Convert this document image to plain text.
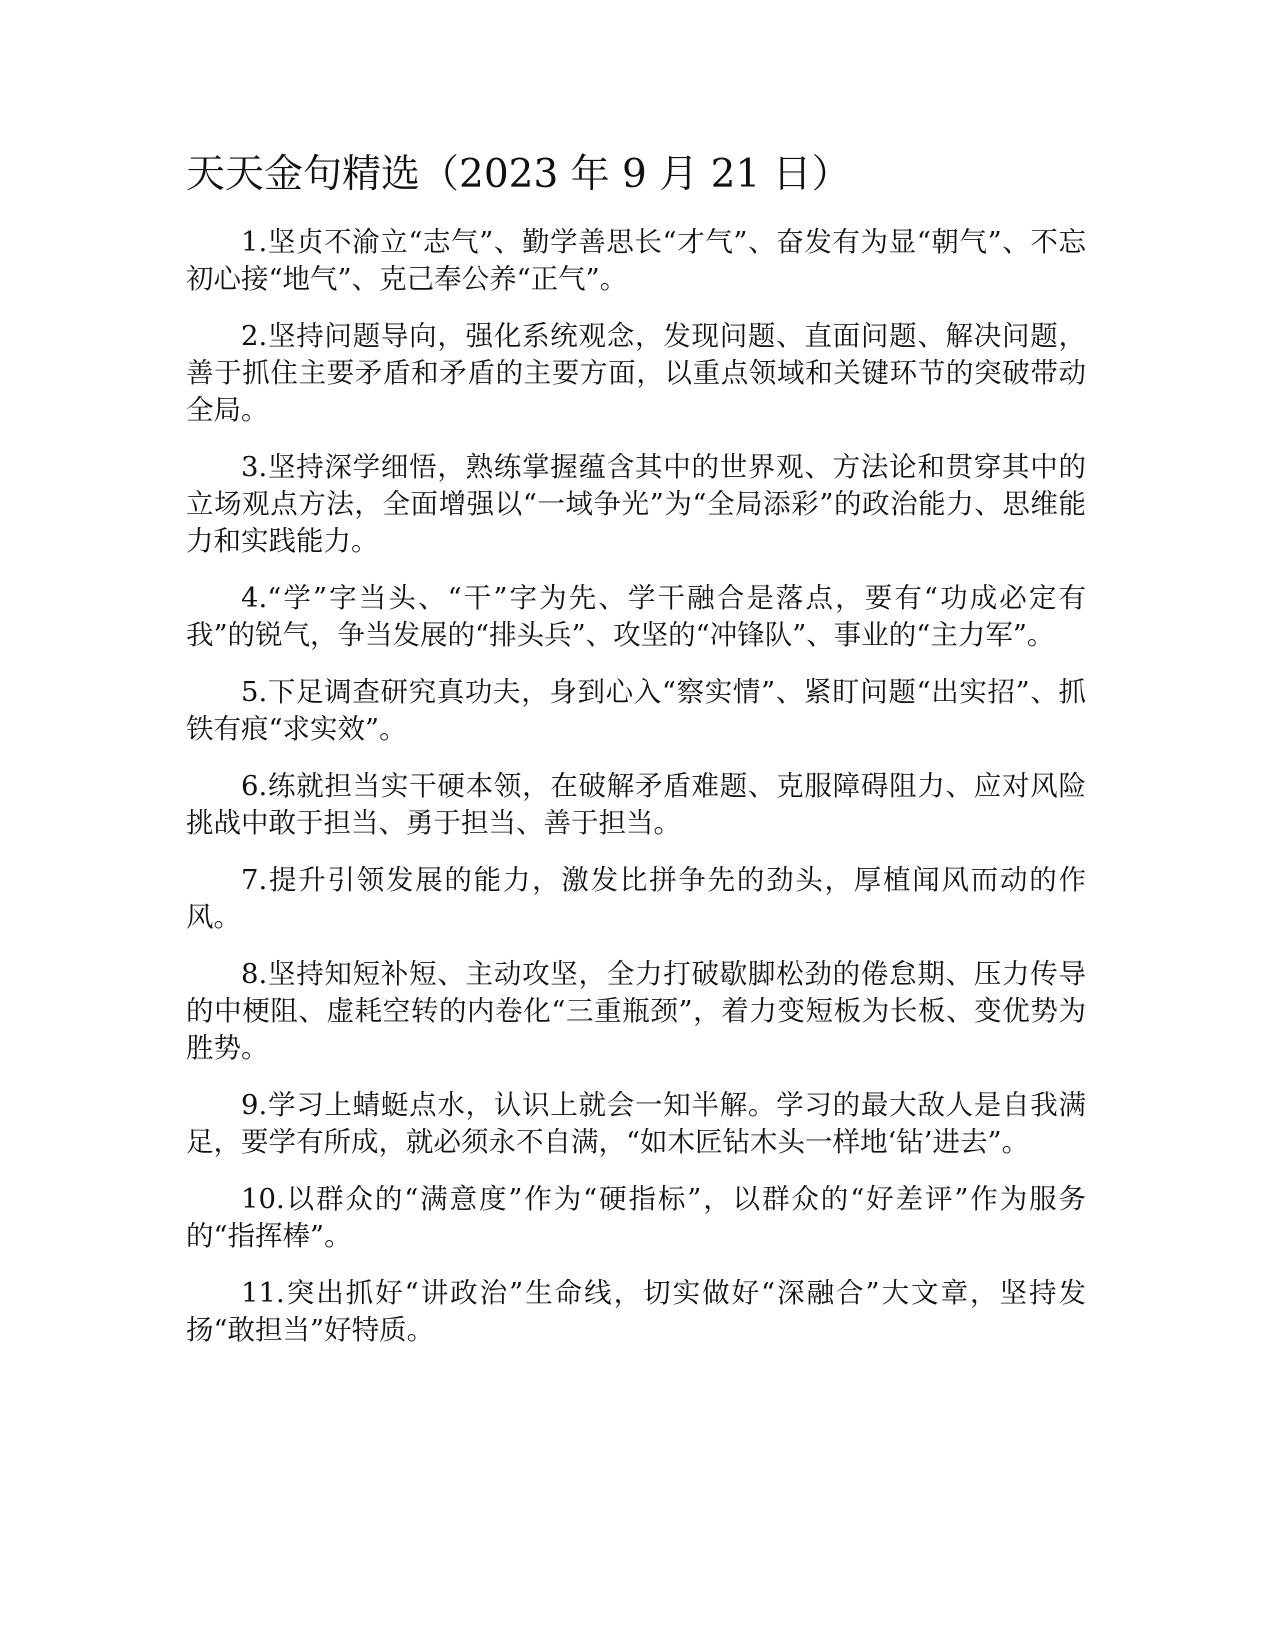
天天金句精选（2023 年 9 月 21 日）

1.坚贞不渝立“志气”、勤学善思长“才气”、奋发有为显“朝气”、不忘初心接“地气”、克己奉公养“正气”。

2.坚持问题导向，强化系统观念，发现问题、直面问题、解决问题，善于抓住主要矛盾和矛盾的主要方面，以重点领域和关键环节的突破带动全局。

3.坚持深学细悟，熟练掌握蕴含其中的世界观、方法论和贯穿其中的立场观点方法，全面增强以“一域争光”为“全局添彩”的政治能力、思维能力和实践能力。

4.“学”字当头、“干”字为先、学干融合是落点，要有“功成必定有我”的锐气，争当发展的“排头兵”、攻坚的“冲锋队”、事业的“主力军”。

5.下足调查研究真功夫，身到心入“察实情”、紧盯问题“出实招”、抓铁有痕“求实效”。

6.练就担当实干硬本领，在破解矛盾难题、克服障碍阻力、应对风险挑战中敢于担当、勇于担当、善于担当。

7.提升引领发展的能力，激发比拼争先的劲头，厚植闻风而动的作风。

8.坚持知短补短、主动攻坚，全力打破歇脚松劲的倦怠期、压力传导的中梗阻、虚耗空转的内卷化“三重瓶颈”，着力变短板为长板、变优势为胜势。

9.学习上蜻蜓点水，认识上就会一知半解。学习的最大敌人是自我满足，要学有所成，就必须永不自满，“如木匠钻木头一样地‘钻’进去”。

10.以群众的“满意度”作为“硬指标”，以群众的“好差评”作为服务的“指挥棒”。

11.突出抓好“讲政治”生命线，切实做好“深融合”大文章，坚持发扬“敢担当”好特质。
